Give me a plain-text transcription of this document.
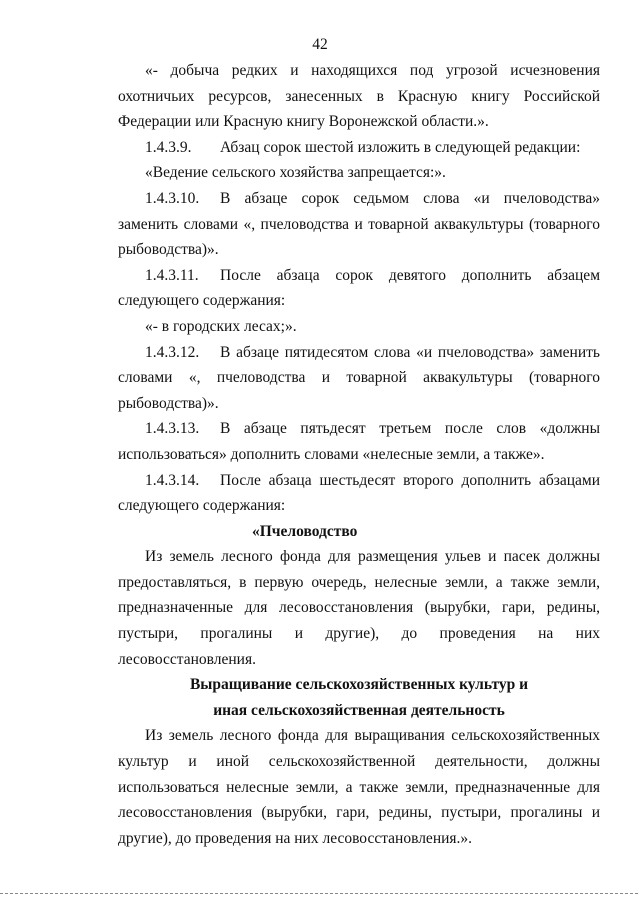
42

«- добыча редких и находящихся под угрозой исчезновения охотничьих ресурсов, занесенных в Красную книгу Российской Федерации или Красную книгу Воронежской области.».

1.4.3.9. Абзац сорок шестой изложить в следующей редакции:

«Ведение сельского хозяйства запрещается:».

1.4.3.10. В абзаце сорок седьмом слова «и пчеловодства» заменить словами «, пчеловодства и товарной аквакультуры (товарного рыбоводства)».

1.4.3.11. После абзаца сорок девятого дополнить абзацем следующего содержания:

«- в городских лесах;».

1.4.3.12. В абзаце пятидесятом слова «и пчеловодства» заменить словами «, пчеловодства и товарной аквакультуры (товарного рыбоводства)».

1.4.3.13. В абзаце пятьдесят третьем после слов «должны использоваться» дополнить словами «нелесные земли, а также».

1.4.3.14. После абзаца шестьдесят второго дополнить абзацами следующего содержания:

«Пчеловодство

Из земель лесного фонда для размещения ульев и пасек должны предоставляться, в первую очередь, нелесные земли, а также земли, предназначенные для лесовосстановления (вырубки, гари, редины, пустыри, прогалины и другие), до проведения на них лесовосстановления.

Выращивание сельскохозяйственных культур и

иная сельскохозяйственная деятельность

Из земель лесного фонда для выращивания сельскохозяйственных культур и иной сельскохозяйственной деятельности, должны использоваться нелесные земли, а также земли, предназначенные для лесовосстановления (вырубки, гари, редины, пустыри, прогалины и другие), до проведения на них лесовосстановления.».
